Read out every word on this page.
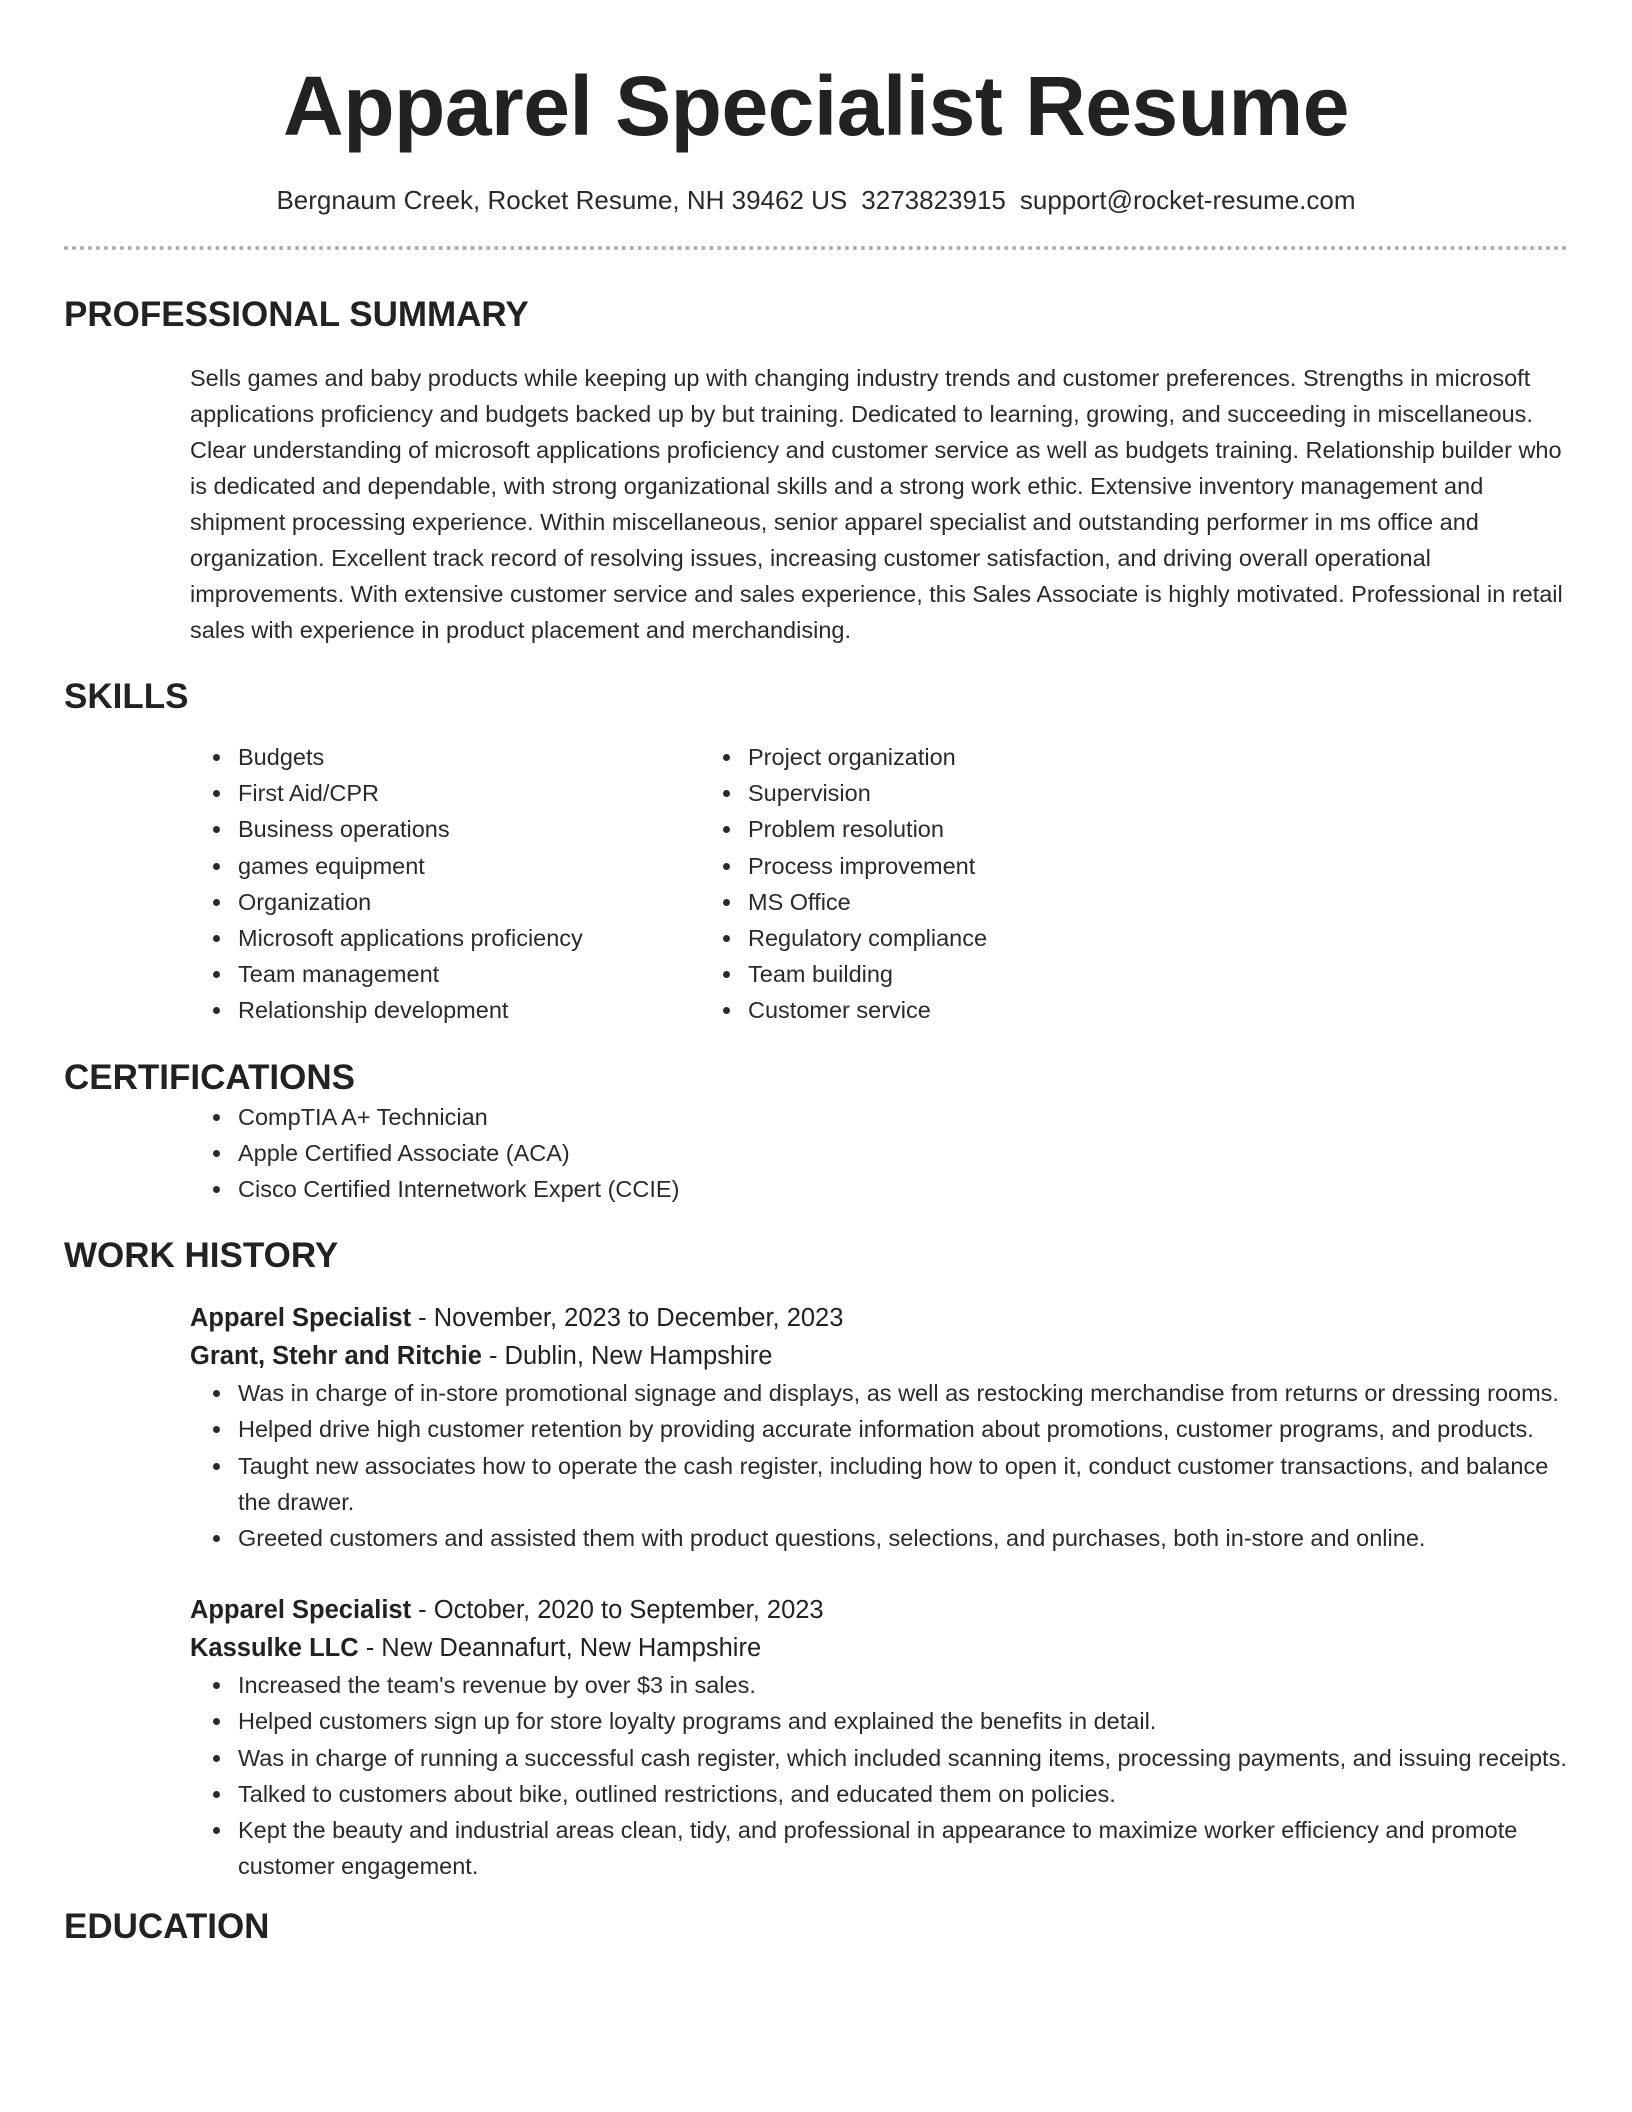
Apparel Specialist Resume
Bergnaum Creek, Rocket Resume, NH 39462 US 3273823915 support@rocket-resume.com
PROFESSIONAL SUMMARY

Sells games and baby products while keeping up with changing industry trends and customer preferences. Strengths in microsoft applications proficiency and budgets backed up by but training. Dedicated to learning, growing, and succeeding in miscellaneous. Clear understanding of microsoft applications proficiency and customer service as well as budgets training. Relationship builder who is dedicated and dependable, with strong organizational skills and a strong work ethic. Extensive inventory management and shipment processing experience. Within miscellaneous, senior apparel specialist and outstanding performer in ms office and organization. Excellent track record of resolving issues, increasing customer satisfaction, and driving overall operational improvements. With extensive customer service and sales experience, this Sales Associate is highly motivated. Professional in retail sales with experience in product placement and merchandising.

SKILLS
• Budgets
• First Aid/CPR
• Business operations
• games equipment
• Organization
• Microsoft applications proficiency
• Team management
• Relationship development
• Project organization
• Supervision
• Problem resolution
• Process improvement
• MS Office
• Regulatory compliance
• Team building
• Customer service
CERTIFICATIONS
• CompTIA A+ Technician
• Apple Certified Associate (ACA)
• Cisco Certified Internetwork Expert (CCIE)
WORK HISTORY
Apparel Specialist - November, 2023 to December, 2023
Grant, Stehr and Ritchie - Dublin, New Hampshire
• Was in charge of in-store promotional signage and displays, as well as restocking merchandise from returns or dressing rooms.
• Helped drive high customer retention by providing accurate information about promotions, customer programs, and products.
• Taught new associates how to operate the cash register, including how to open it, conduct customer transactions, and balance the drawer.
• Greeted customers and assisted them with product questions, selections, and purchases, both in-store and online.
Apparel Specialist - October, 2020 to September, 2023
Kassulke LLC - New Deannafurt, New Hampshire
• Increased the team's revenue by over $3 in sales.
• Helped customers sign up for store loyalty programs and explained the benefits in detail.
• Was in charge of running a successful cash register, which included scanning items, processing payments, and issuing receipts.
• Talked to customers about bike, outlined restrictions, and educated them on policies.
• Kept the beauty and industrial areas clean, tidy, and professional in appearance to maximize worker efficiency and promote customer engagement.
EDUCATION
